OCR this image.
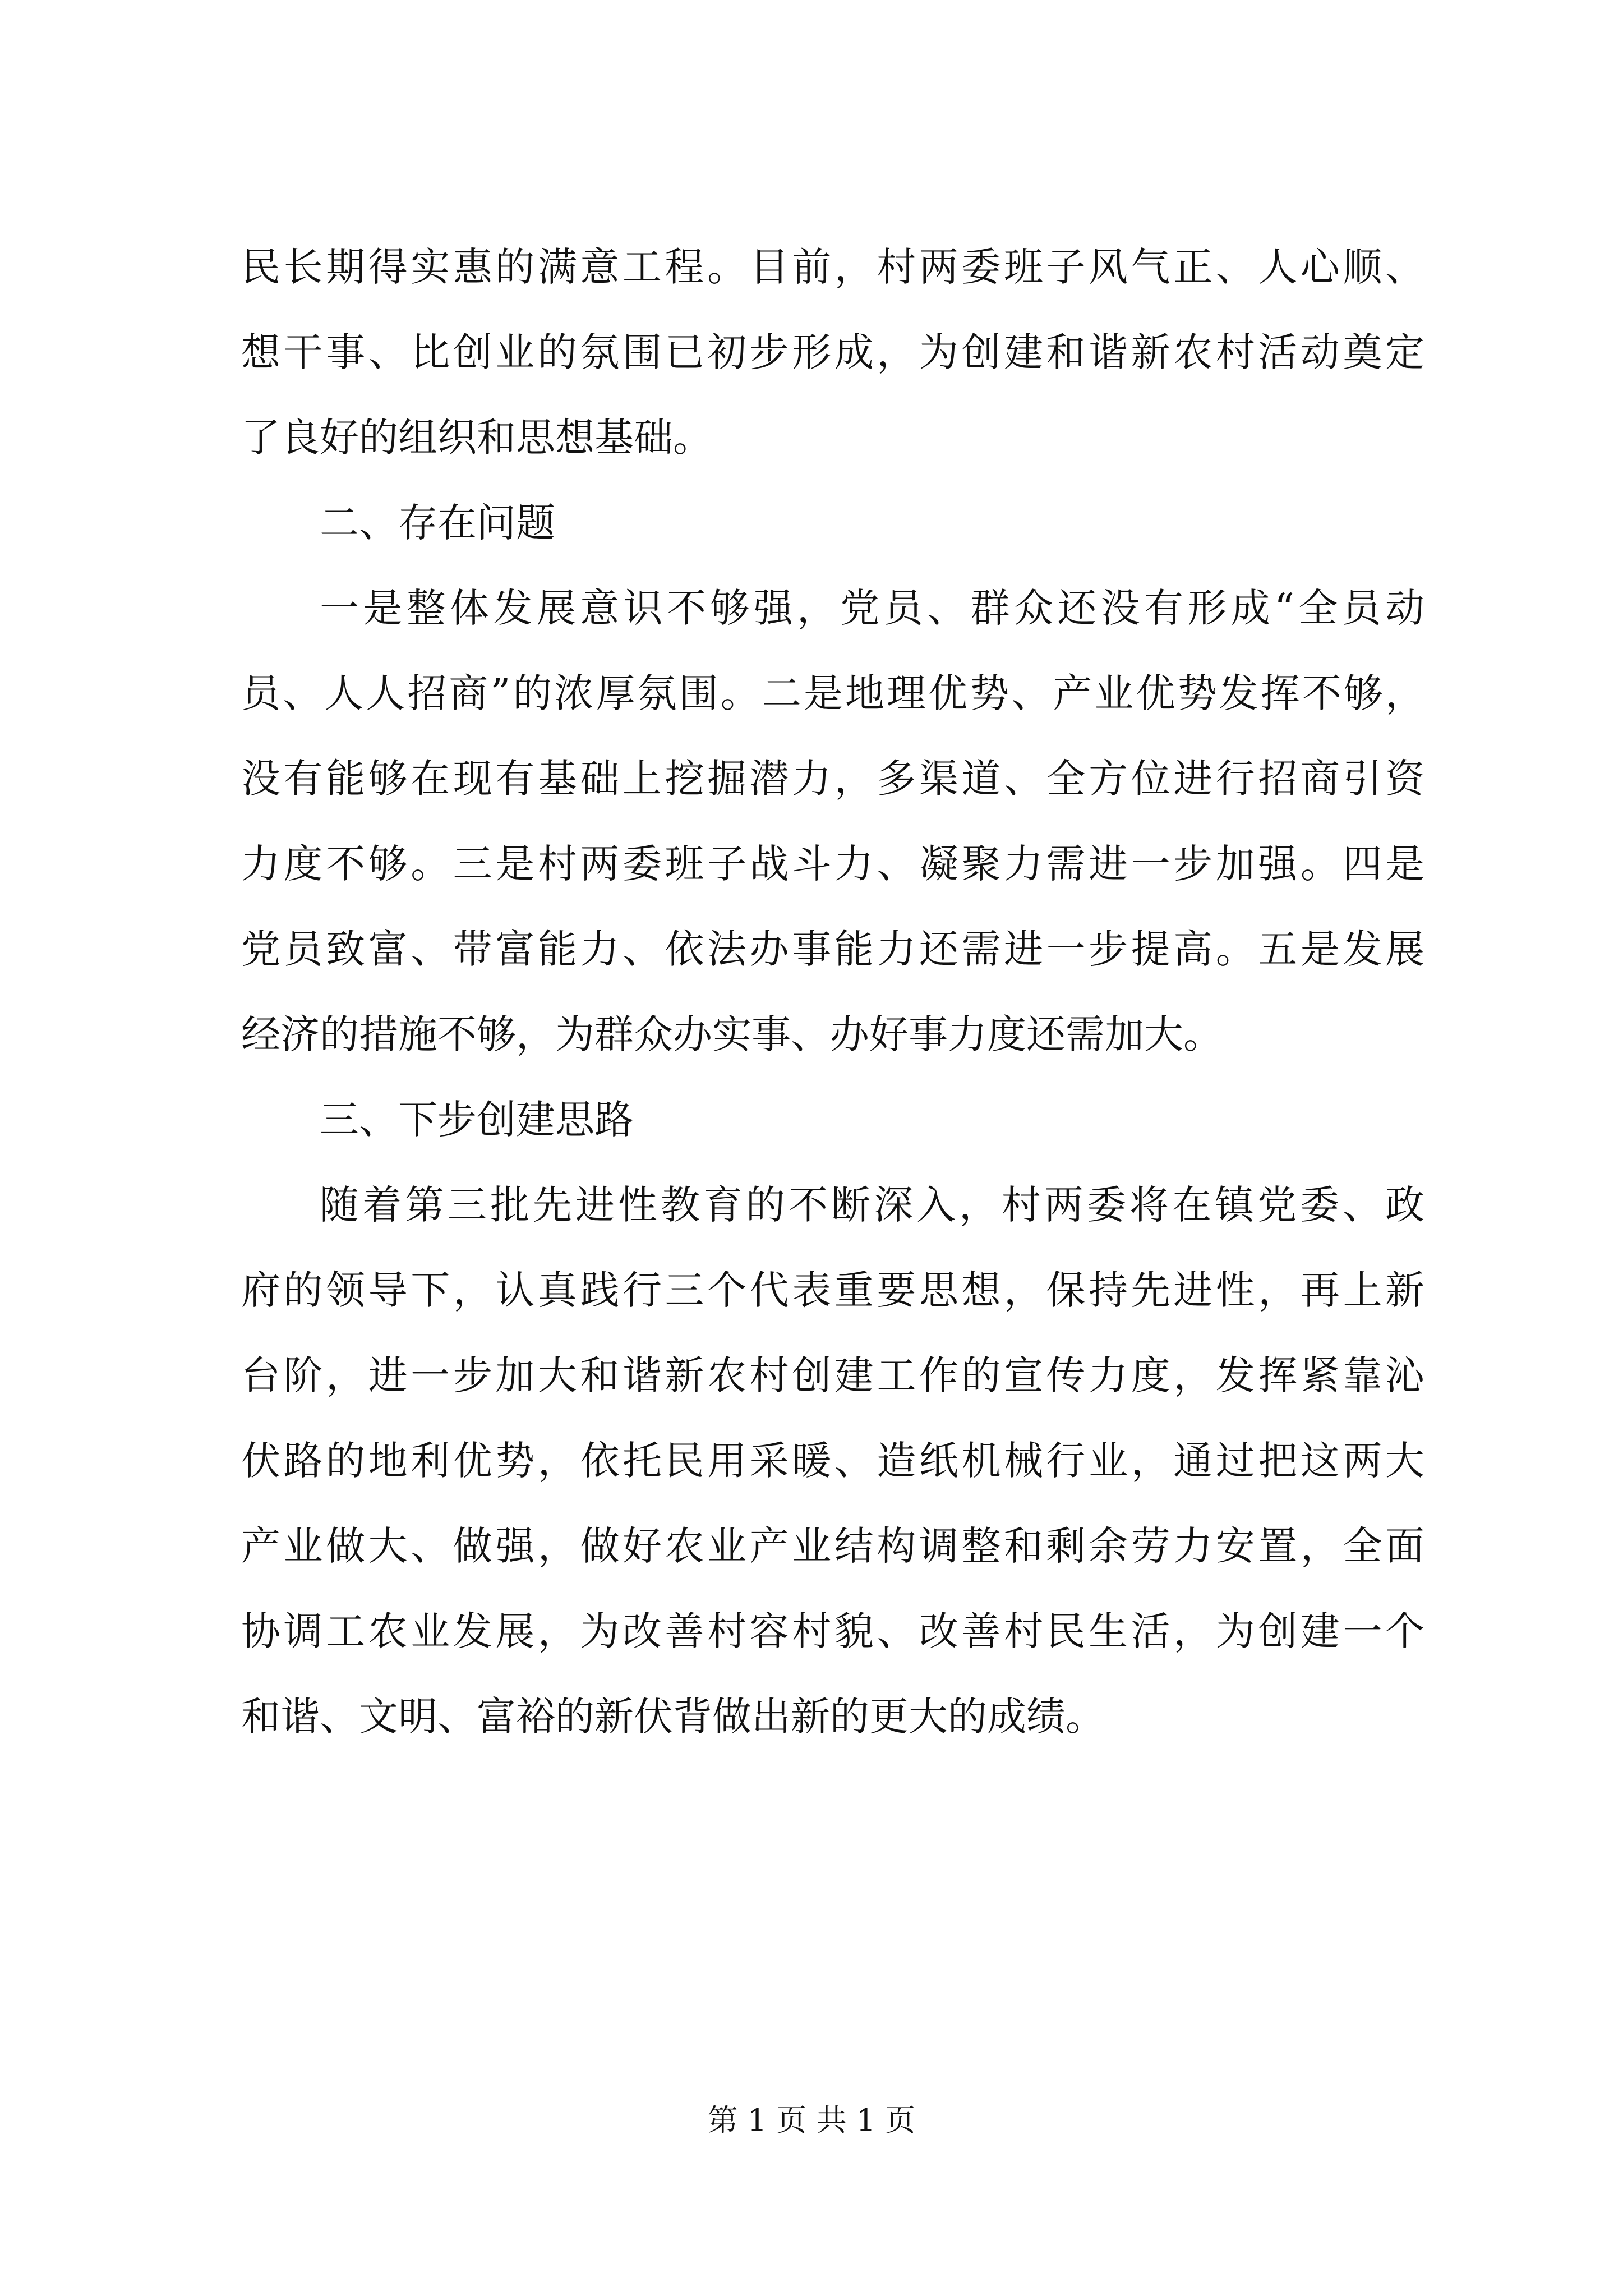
民长期得实惠的满意工程。目前，村两委班子风气正、人心顺、
想干事、比创业的氛围已初步形成，为创建和谐新农村活动奠定
了良好的组织和思想基础。
二、存在问题
一是整体发展意识不够强，党员、群众还没有形成“全员动
员、人人招商”的浓厚氛围。二是地理优势、产业优势发挥不够，
没有能够在现有基础上挖掘潜力，多渠道、全方位进行招商引资
力度不够。三是村两委班子战斗力、凝聚力需进一步加强。四是
党员致富、带富能力、依法办事能力还需进一步提高。五是发展
经济的措施不够，为群众办实事、办好事力度还需加大。
三、下步创建思路
随着第三批先进性教育的不断深入，村两委将在镇党委、政
府的领导下，认真践行三个代表重要思想，保持先进性，再上新
台阶，进一步加大和谐新农村创建工作的宣传力度，发挥紧靠沁
伏路的地利优势，依托民用采暖、造纸机械行业，通过把这两大
产业做大、做强，做好农业产业结构调整和剩余劳力安置，全面
协调工农业发展，为改善村容村貌、改善村民生活，为创建一个
和谐、文明、富裕的新伏背做出新的更大的成绩。
第 1 页 共 1 页
